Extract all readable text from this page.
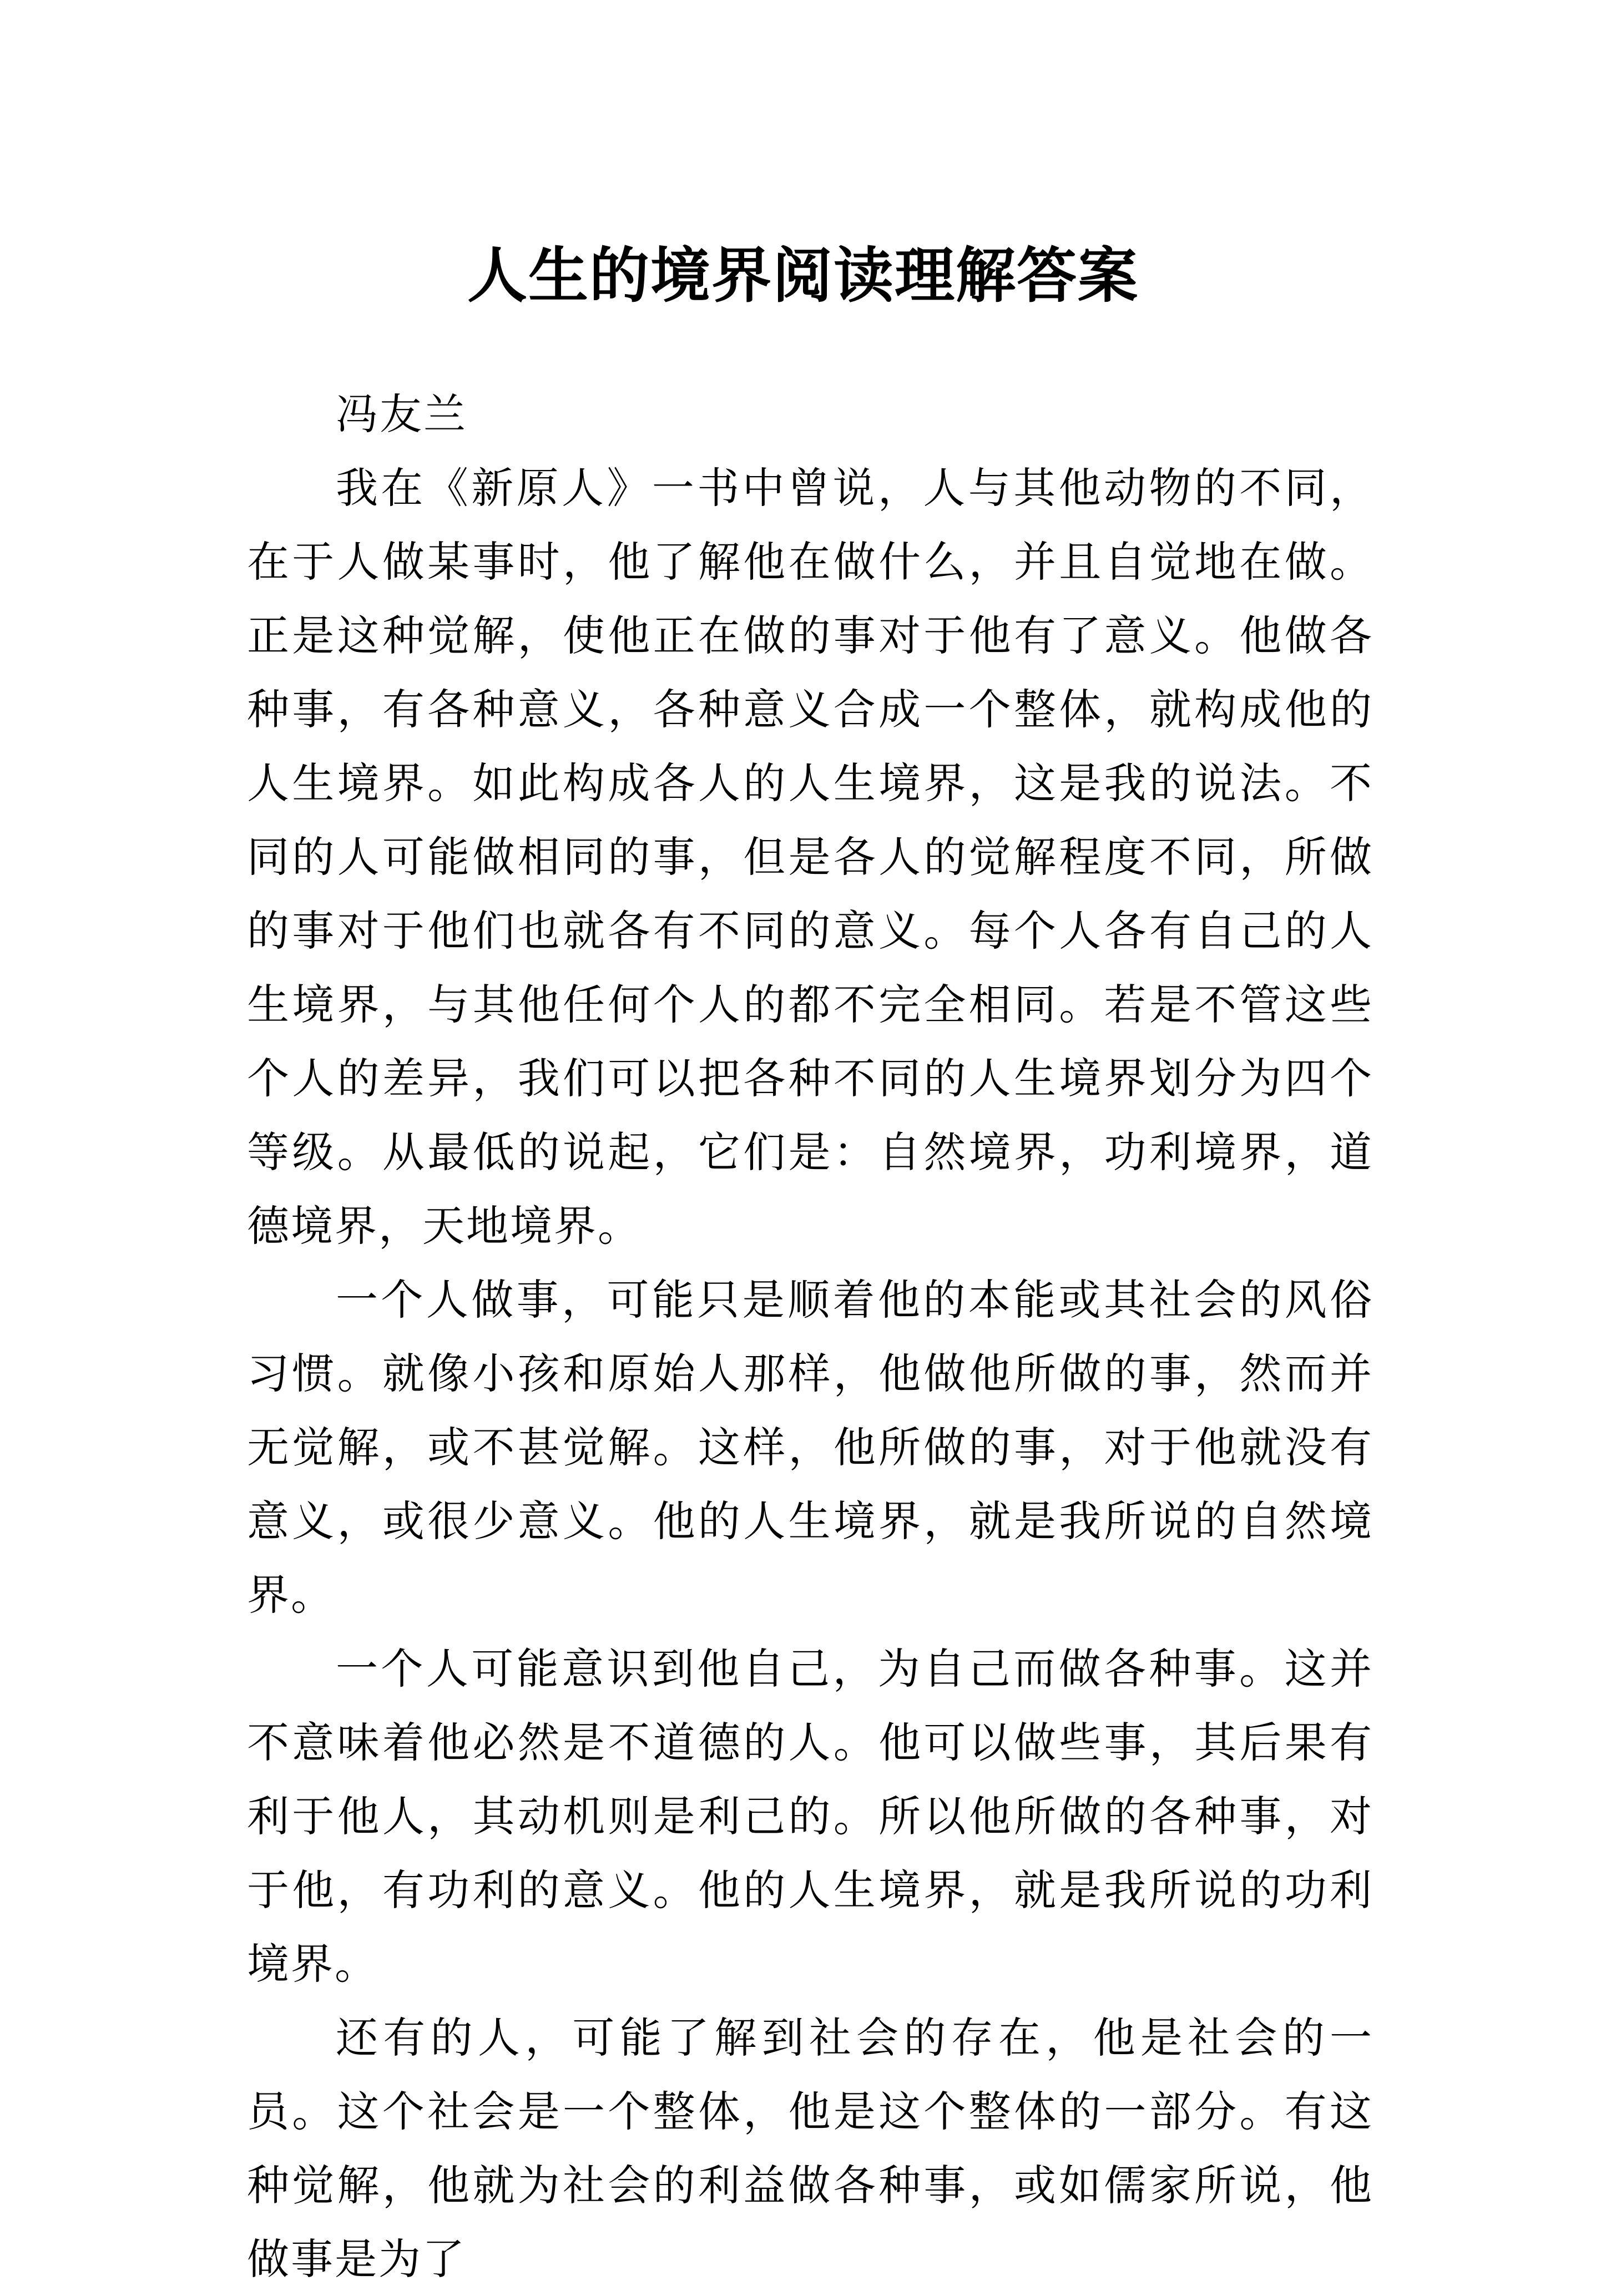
人生的境界阅读理解答案

冯友兰

我在《新原人》一书中曾说，人与其他动物的不同，在于人做某事时，他了解他在做什么，并且自觉地在做。正是这种觉解，使他正在做的事对于他有了意义。他做各种事，有各种意义，各种意义合成一个整体，就构成他的人生境界。如此构成各人的人生境界，这是我的说法。不同的人可能做相同的事，但是各人的觉解程度不同，所做的事对于他们也就各有不同的意义。每个人各有自己的人生境界，与其他任何个人的都不完全相同。若是不管这些个人的差异，我们可以把各种不同的人生境界划分为四个等级。从最低的说起，它们是：自然境界，功利境界，道德境界，天地境界。

一个人做事，可能只是顺着他的本能或其社会的风俗习惯。就像小孩和原始人那样，他做他所做的事，然而并无觉解，或不甚觉解。这样，他所做的事，对于他就没有意义，或很少意义。他的人生境界，就是我所说的自然境界。

一个人可能意识到他自己，为自己而做各种事。这并不意味着他必然是不道德的人。他可以做些事，其后果有利于他人，其动机则是利己的。所以他所做的各种事，对于他，有功利的意义。他的人生境界，就是我所说的功利境界。

还有的人，可能了解到社会的存在，他是社会的一员。这个社会是一个整体，他是这个整体的一部分。有这种觉解，他就为社会的利益做各种事，或如儒家所说，他做事是为了
